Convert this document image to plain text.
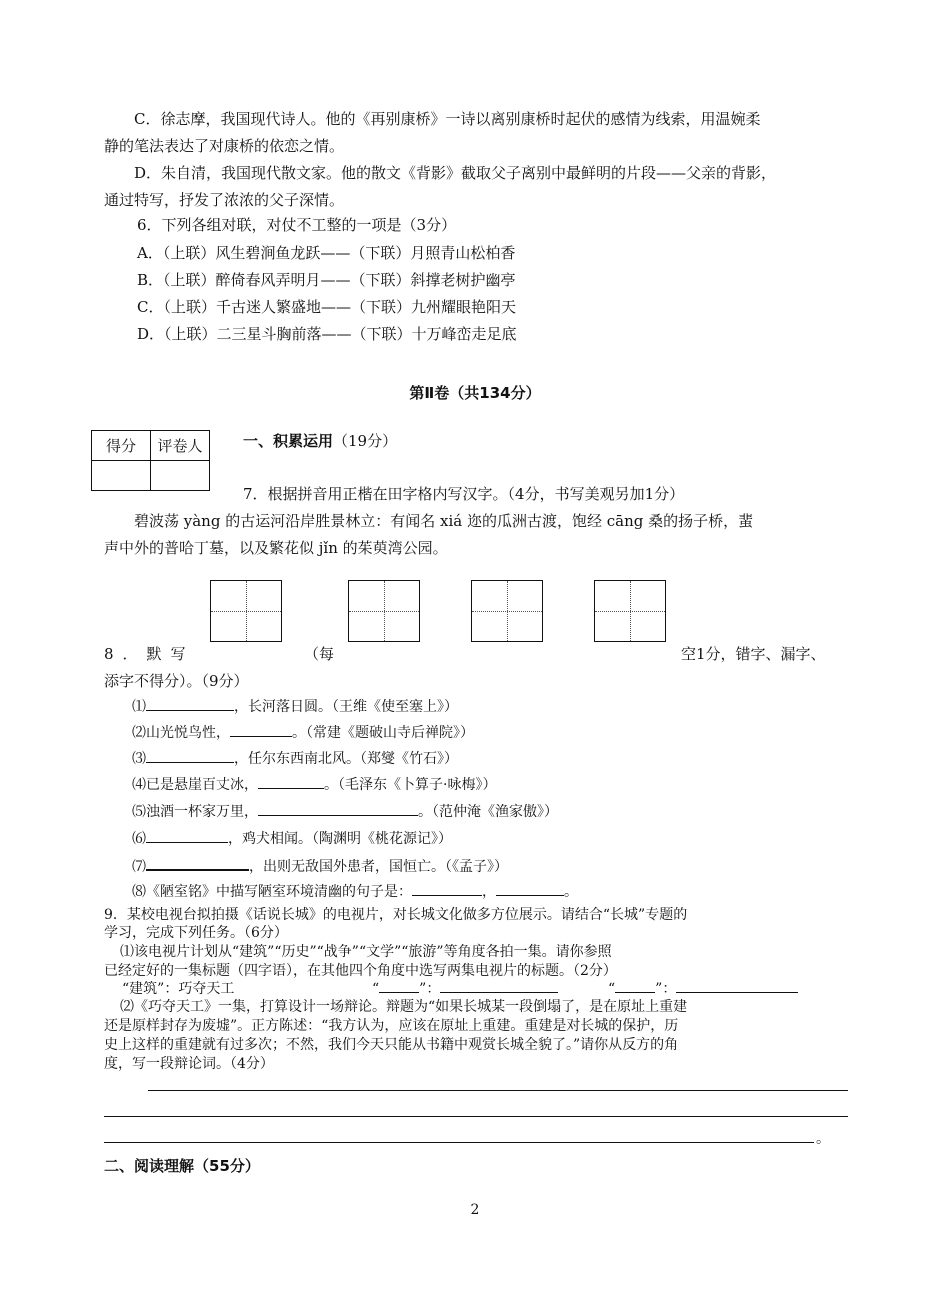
C．徐志摩，我国现代诗人。他的《再别康桥》一诗以离别康桥时起伏的感情为线索，用温婉柔
静的笔法表达了对康桥的依恋之情。
D．朱自清，我国现代散文家。他的散文《背影》截取父子离别中最鲜明的片段——父亲的背影，
通过特写，抒发了浓浓的父子深情。
6．下列各组对联，对仗不工整的一项是（3分）
A．（上联）风生碧涧鱼龙跃——（下联）月照青山松柏香
B．（上联）醉倚春风弄明月——（下联）斜撑老树护幽亭
C．（上联）千古迷人繁盛地——（下联）九州耀眼艳阳天
D．（上联）二三星斗胸前落——（下联）十万峰峦走足底
第Ⅱ卷（共134分）
得分	评卷人
		一、积累运用（19分）
7．根据拼音用正楷在田字格内写汉字。（4分，书写美观另加1分）
碧波荡 yàng 的古运河沿岸胜景林立：有闻名 xiá 迩的瓜洲古渡，饱经 cāng 桑的扬子桥，蜚
声中外的普哈丁墓，以及繁花似 jǐn 的茱萸湾公园。
8．默写	（每	空1分，错字、漏字、
添字不得分）。（9分）
⑴	，长河落日圆。（王维《使至塞上》）
⑵山光悦鸟性，	。（常建《题破山寺后禅院》）
⑶	，任尔东西南北风。（郑燮《竹石》）
⑷已是悬崖百丈冰，	。（毛泽东《卜算子·咏梅》）
⑸浊酒一杯家万里，	。（范仲淹《渔家傲》）
⑹	，鸡犬相闻。（陶渊明《桃花源记》）
⑺	，出则无敌国外患者，国恒亡。（《孟子》）
⑻《陋室铭》中描写陋室环境清幽的句子是：	，	。
9．某校电视台拟拍摄《话说长城》的电视片，对长城文化做多方位展示。请结合“长城”专题的
学习，完成下列任务。（6分）
⑴该电视片计划从“建筑”“历史”“战争”“文学”“旅游”等角度各拍一集。请你参照
已经定好的一集标题（四字语），在其他四个角度中选写两集电视片的标题。（2分）
“建筑”：巧夺天工	“	”：	“	”：
⑵《巧夺天工》一集，打算设计一场辩论。辩题为“如果长城某一段倒塌了，是在原址上重建
还是原样封存为废墟”。正方陈述：“我方认为，应该在原址上重建。重建是对长城的保护，历
史上这样的重建就有过多次；不然，我们今天只能从书籍中观赏长城全貌了。”请你从反方的角
度，写一段辩论词。（4分）
。
二、阅读理解（55分）
2
